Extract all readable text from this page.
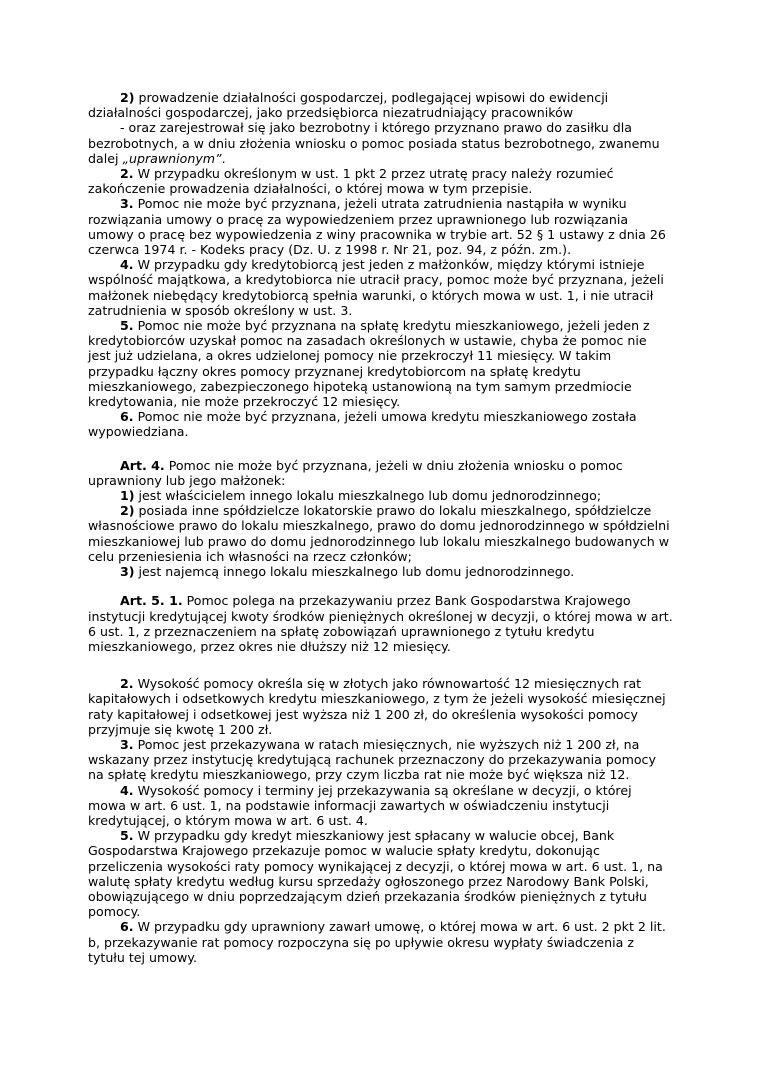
2) prowadzenie działalności gospodarczej, podlegającej wpisowi do ewidencji działalności gospodarczej, jako przedsiębiorca niezatrudniający pracowników

- oraz zarejestrował się jako bezrobotny i którego przyznano prawo do zasiłku dla bezrobotnych, a w dniu złożenia wniosku o pomoc posiada status bezrobotnego, zwanemu dalej „uprawnionym”.

2. W przypadku określonym w ust. 1 pkt 2 przez utratę pracy należy rozumieć zakończenie prowadzenia działalności, o której mowa w tym przepisie.

3. Pomoc nie może być przyznana, jeżeli utrata zatrudnienia nastąpiła w wyniku rozwiązania umowy o pracę za wypowiedzeniem przez uprawnionego lub rozwiązania umowy o pracę bez wypowiedzenia z winy pracownika w trybie art. 52 § 1 ustawy z dnia 26 czerwca 1974 r. - Kodeks pracy (Dz. U. z 1998 r. Nr 21, poz. 94, z późn. zm.).

4. W przypadku gdy kredytobiorcą jest jeden z małżonków, między którymi istnieje wspólność majątkowa, a kredytobiorca nie utracił pracy, pomoc może być przyznana, jeżeli małżonek niebędący kredytobiorcą spełnia warunki, o których mowa w ust. 1, i nie utracił zatrudnienia w sposób określony w ust. 3.

5. Pomoc nie może być przyznana na spłatę kredytu mieszkaniowego, jeżeli jeden z kredytobiorców uzyskał pomoc na zasadach określonych w ustawie, chyba że pomoc nie jest już udzielana, a okres udzielonej pomocy nie przekroczył 11 miesięcy. W takim przypadku łączny okres pomocy przyznanej kredytobiorcom na spłatę kredytu mieszkaniowego, zabezpieczonego hipoteką ustanowioną na tym samym przedmiocie kredytowania, nie może przekroczyć 12 miesięcy.

6. Pomoc nie może być przyznana, jeżeli umowa kredytu mieszkaniowego została wypowiedziana.

Art. 4. Pomoc nie może być przyznana, jeżeli w dniu złożenia wniosku o pomoc uprawniony lub jego małżonek:

1) jest właścicielem innego lokalu mieszkalnego lub domu jednorodzinnego;

2) posiada inne spółdzielcze lokatorskie prawo do lokalu mieszkalnego, spółdzielcze własnościowe prawo do lokalu mieszkalnego, prawo do domu jednorodzinnego w spółdzielni mieszkaniowej lub prawo do domu jednorodzinnego lub lokalu mieszkalnego budowanych w celu przeniesienia ich własności na rzecz członków;

3) jest najemcą innego lokalu mieszkalnego lub domu jednorodzinnego.

Art. 5. 1. Pomoc polega na przekazywaniu przez Bank Gospodarstwa Krajowego instytucji kredytującej kwoty środków pieniężnych określonej w decyzji, o której mowa w art. 6 ust. 1, z przeznaczeniem na spłatę zobowiązań uprawnionego z tytułu kredytu mieszkaniowego, przez okres nie dłuższy niż 12 miesięcy.

2. Wysokość pomocy określa się w złotych jako równowartość 12 miesięcznych rat kapitałowych i odsetkowych kredytu mieszkaniowego, z tym że jeżeli wysokość miesięcznej raty kapitałowej i odsetkowej jest wyższa niż 1 200 zł, do określenia wysokości pomocy przyjmuje się kwotę 1 200 zł.

3. Pomoc jest przekazywana w ratach miesięcznych, nie wyższych niż 1 200 zł, na wskazany przez instytucję kredytującą rachunek przeznaczony do przekazywania pomocy na spłatę kredytu mieszkaniowego, przy czym liczba rat nie może być większa niż 12.

4. Wysokość pomocy i terminy jej przekazywania są określane w decyzji, o której mowa w art. 6 ust. 1, na podstawie informacji zawartych w oświadczeniu instytucji kredytującej, o którym mowa w art. 6 ust. 4.

5. W przypadku gdy kredyt mieszkaniowy jest spłacany w walucie obcej, Bank Gospodarstwa Krajowego przekazuje pomoc w walucie spłaty kredytu, dokonując przeliczenia wysokości raty pomocy wynikającej z decyzji, o której mowa w art. 6 ust. 1, na walutę spłaty kredytu według kursu sprzedaży ogłoszonego przez Narodowy Bank Polski, obowiązującego w dniu poprzedzającym dzień przekazania środków pieniężnych z tytułu pomocy.

6. W przypadku gdy uprawniony zawarł umowę, o której mowa w art. 6 ust. 2 pkt 2 lit. b, przekazywanie rat pomocy rozpoczyna się po upływie okresu wypłaty świadczenia z tytułu tej umowy.
